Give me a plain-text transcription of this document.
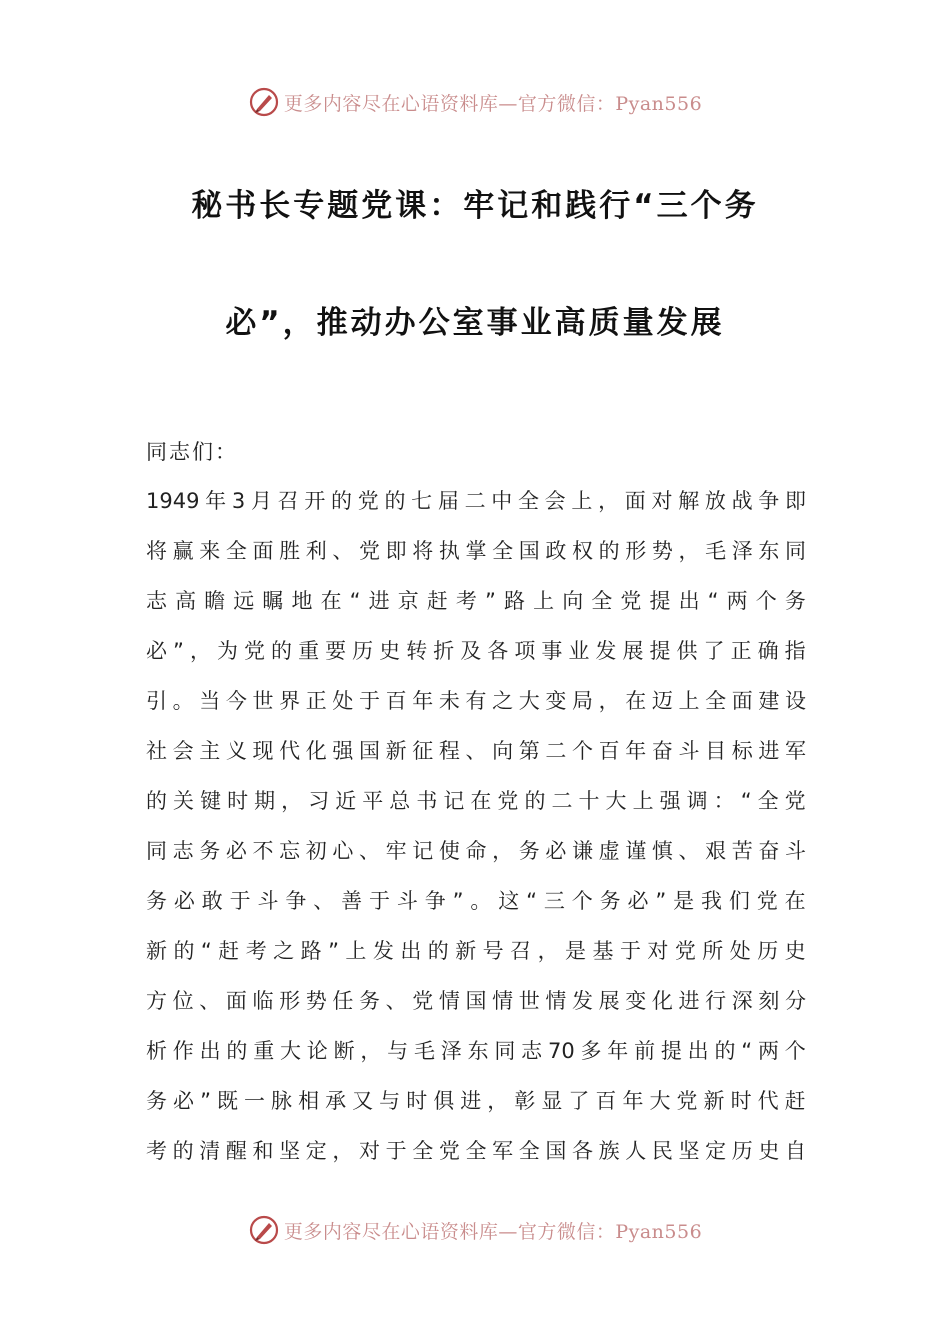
更多内容尽在心语资料库—官方微信：Pyan556
秘书长专题党课：牢记和践行“三个务
必”，推动办公室事业高质量发展
同志们：
1949 年 3 月 召 开 的 党 的 七 届 二 中 全 会 上 ， 面 对 解 放 战 争 即
将 赢 来 全 面 胜 利 、 党 即 将 执 掌 全 国 政 权 的 形 势 ， 毛 泽 东 同
志 高 瞻 远 瞩 地 在 “ 进 京 赶 考 ” 路 上 向 全 党 提 出 “ 两 个 务
必 ” ， 为 党 的 重 要 历 史 转 折 及 各 项 事 业 发 展 提 供 了 正 确 指
引 。 当 今 世 界 正 处 于 百 年 未 有 之 大 变 局 ， 在 迈 上 全 面 建 设
社 会 主 义 现 代 化 强 国 新 征 程 、 向 第 二 个 百 年 奋 斗 目 标 进 军
的 关 键 时 期 ， 习 近 平 总 书 记 在 党 的 二 十 大 上 强 调 ： “ 全 党
同 志 务 必 不 忘 初 心 、 牢 记 使 命 ， 务 必 谦 虚 谨 慎 、 艰 苦 奋 斗
务 必 敢 于 斗 争 、 善 于 斗 争 ” 。 这 “ 三 个 务 必 ” 是 我 们 党 在
新 的 “ 赶 考 之 路 ” 上 发 出 的 新 号 召 ， 是 基 于 对 党 所 处 历 史
方 位 、 面 临 形 势 任 务 、 党 情 国 情 世 情 发 展 变 化 进 行 深 刻 分
析 作 出 的 重 大 论 断 ， 与 毛 泽 东 同 志 70 多 年 前 提 出 的 “ 两 个
务 必 ” 既 一 脉 相 承 又 与 时 俱 进 ， 彰 显 了 百 年 大 党 新 时 代 赶
考 的 清 醒 和 坚 定 ， 对 于 全 党 全 军 全 国 各 族 人 民 坚 定 历 史 自
更多内容尽在心语资料库—官方微信：Pyan556
